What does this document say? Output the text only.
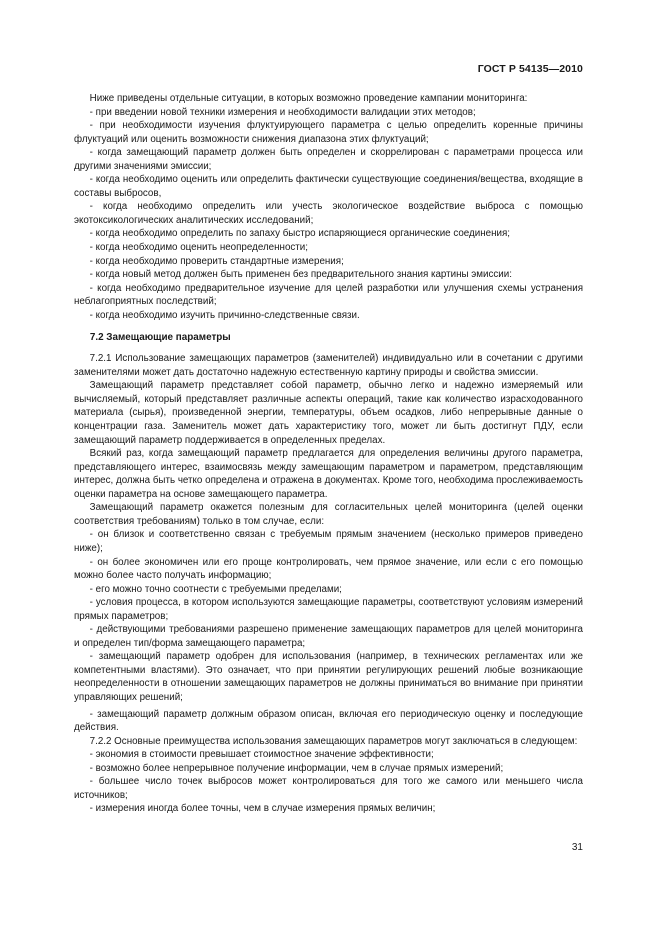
ГОСТ Р 54135—2010

Ниже приведены отдельные ситуации, в которых возможно проведение кампании мониторинга:

- при введении новой техники измерения и необходимости валидации этих методов;

- при необходимости изучения флуктуирующего параметра с целью определить коренные причины флуктуаций или оценить возможности снижения диапазона этих флуктуаций;

- когда замещающий параметр должен быть определен и скоррелирован с параметрами процесса или другими значениями эмиссии;

- когда необходимо оценить или определить фактически существующие соединения/вещества, входящие в составы выбросов,

- когда необходимо определить или учесть экологическое воздействие выброса с помощью экотоксикологических аналитических исследований;

- когда необходимо определить по запаху быстро испаряющиеся органические соединения;

- когда необходимо оценить неопределенности;

- когда необходимо проверить стандартные измерения;

- когда новый метод должен быть применен без предварительного знания картины эмиссии:

- когда необходимо предварительное изучение для целей разработки или улучшения схемы устранения неблагоприятных последствий;

- когда необходимо изучить причинно-следственные связи.

7.2 Замещающие параметры

7.2.1 Использование замещающих параметров (заменителей) индивидуально или в сочетании с другими заменителями может дать достаточно надежную естественную картину природы и свойства эмиссии.

Замещающий параметр представляет собой параметр, обычно легко и надежно измеряемый или вычисляемый, который представляет различные аспекты операций, такие как количество израсходованного материала (сырья), произведенной энергии, температуры, объем осадков, либо непрерывные данные о концентрации газа. Заменитель может дать характеристику того, может ли быть достигнут ПДУ, если замещающий параметр поддерживается в определенных пределах.

Всякий раз, когда замещающий параметр предлагается для определения величины другого параметра, представляющего интерес, взаимосвязь между замещающим параметром и параметром, представляющим интерес, должна быть четко определена и отражена в документах. Кроме того, необходима прослеживаемость оценки параметра на основе замещающего параметра.

Замещающий параметр окажется полезным для согласительных целей мониторинга (целей оценки соответствия требованиям) только в том случае, если:

- он близок и соответственно связан с требуемым прямым значением (несколько примеров приведено ниже);

- он более экономичен или его проще контролировать, чем прямое значение, или если с его помощью можно более часто получать информацию;

- его можно точно соотнести с требуемыми пределами;

- условия процесса, в котором используются замещающие параметры, соответствуют условиям измерений прямых параметров;

- действующими требованиями разрешено применение замещающих параметров для целей мониторинга и определен тип/форма замещающего параметра;

- замещающий параметр одобрен для использования (например, в технических регламентах или же компетентными властями). Это означает, что при принятии регулирующих решений любые возникающие неопределенности в отношении замещающих параметров не должны приниматься во внимание при принятии управляющих решений;

- замещающий параметр должным образом описан, включая его периодическую оценку и последующие действия.

7.2.2 Основные преимущества использования замещающих параметров могут заключаться в следующем:

- экономия в стоимости превышает стоимостное значение эффективности;

- возможно более непрерывное получение информации, чем в случае прямых измерений;

- большее число точек выбросов может контролироваться для того же самого или меньшего числа источников;

- измерения иногда более точны, чем в случае измерения прямых величин;

31
